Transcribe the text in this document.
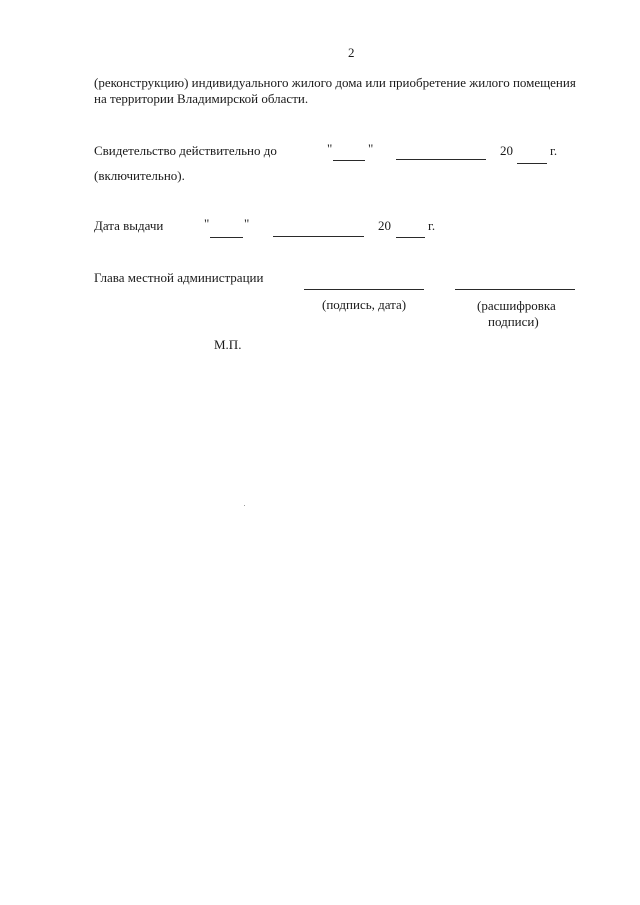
2
(реконструкцию) индивидуального жилого дома или приобретение жилого помещения
на территории Владимирской области.
Свидетельство действительно до	"	"	20	г.
(включительно).
Дата выдачи	"	"	20	г.
Глава местной администрации
(подпись, дата)	(расшифровка
подписи)
М.П.
